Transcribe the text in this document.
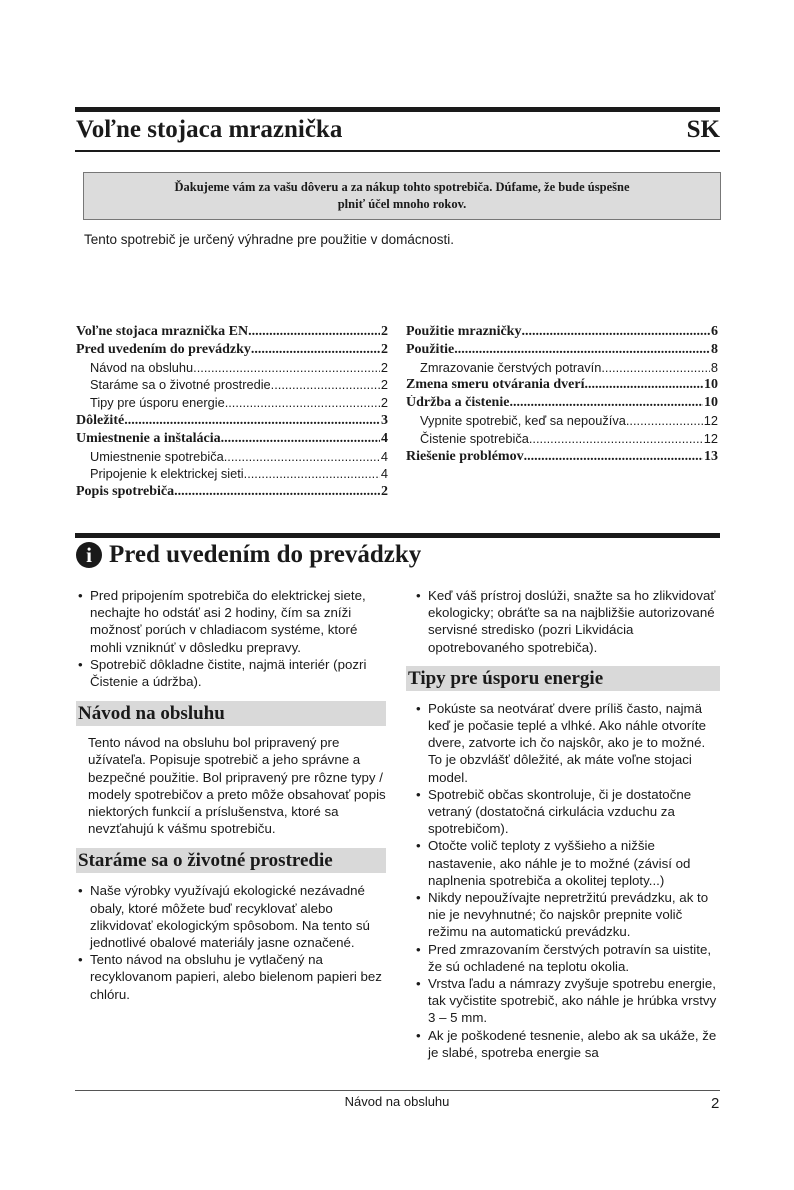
Voľne stojaca mraznička	SK
Ďakujeme vám za vašu dôveru a za nákup tohto spotrebiča. Dúfame, že bude úspešne
plniť účel mnoho rokov.
Tento spotrebič je určený výhradne pre použitie v domácnosti.
Voľne stojaca mraznička EN .....	2
Pred uvedením do prevádzky .....	2
Návod na obsluhu .....	2
Staráme sa o životné prostredie .....	2
Tipy pre úsporu energie .....	2
Dôležité .....	3
Umiestnenie a inštalácia .....	4
Umiestnenie spotrebiča .....	4
Pripojenie k elektrickej sieti .....	4
Popis spotrebiča .....	2
Použitie mrazničky .....	6
Použitie .....	8
Zmrazovanie čerstvých potravín .....	8
Zmena smeru otvárania dverí .....	10
Údržba a čistenie .....	10
Vypnite spotrebič, keď sa nepoužíva .....	12
Čistenie spotrebiča .....	12
Riešenie problémov .....	13
i Pred uvedením do prevádzky
• Pred pripojením spotrebiča do elektrickej siete, nechajte ho odstáť asi 2 hodiny, čím sa zníži možnosť porúch v chladiacom systéme, ktoré mohli vzniknúť v dôsledku prepravy.
• Spotrebič dôkladne čistite, najmä interiér (pozri Čistenie a údržba).
Návod na obsluhu
Tento návod na obsluhu bol pripravený pre užívateľa. Popisuje spotrebič a jeho správne a bezpečné použitie. Bol pripravený pre rôzne typy / modely spotrebičov a preto môže obsahovať popis niektorých funkcií a príslušenstva, ktoré sa nevzťahujú k vášmu spotrebiču.
Staráme sa o životné prostredie
• Naše výrobky využívajú ekologické nezávadné obaly, ktoré môžete buď recyklovať alebo zlikvidovať ekologickým spôsobom. Na tento sú jednotlivé obalové materiály jasne označené.
• Tento návod na obsluhu je vytlačený na recyklovanom papieri, alebo bielenom papieri bez chlóru.
• Keď váš prístroj doslúži, snažte sa ho zlikvidovať ekologicky; obráťte sa na najbližšie autorizované servisné stredisko (pozri Likvidácia opotrebovaného spotrebiča).
Tipy pre úsporu energie
• Pokúste sa neotvárať dvere príliš často, najmä keď je počasie teplé a vlhké. Ako náhle otvoríte dvere, zatvorte ich čo najskôr, ako je to možné. To je obzvlášť dôležité, ak máte voľne stojaci model.
• Spotrebič občas skontroluje, či je dostatočne vetraný (dostatočná cirkulácia vzduchu za spotrebičom).
• Otočte volič teploty z vyššieho a nižšie nastavenie, ako náhle je to možné (závisí od naplnenia spotrebiča a okolitej teploty...)
• Nikdy nepoužívajte nepretržitú prevádzku, ak to nie je nevyhnutné; čo najskôr prepnite volič režimu na automatickú prevádzku.
• Pred zmrazovaním čerstvých potravín sa uistite, že sú ochladené na teplotu okolia.
• Vrstva ľadu a námrazy zvyšuje spotrebu energie, tak vyčistite spotrebič, ako náhle je hrúbka vrstvy 3 – 5 mm.
• Ak je poškodené tesnenie, alebo ak sa ukáže, že je slabé, spotreba energie sa
Návod na obsluhu	2
